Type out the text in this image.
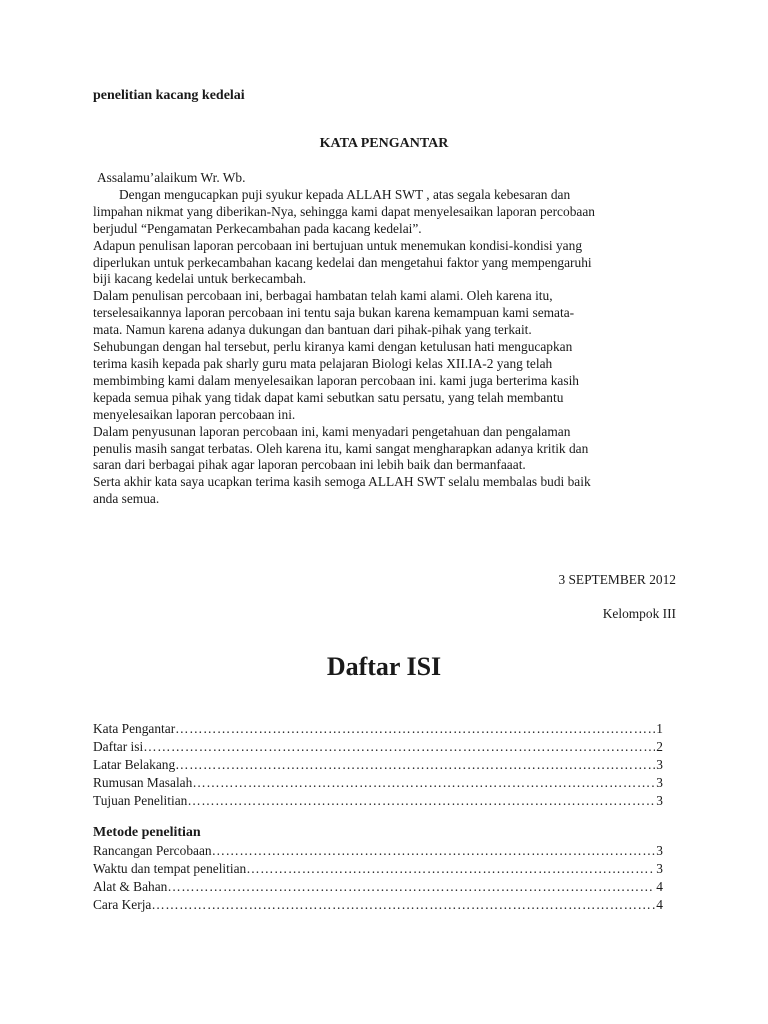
penelitian kacang kedelai
KATA PENGANTAR

Assalamu’alaikum Wr. Wb.

Dengan mengucapkan puji syukur kepada ALLAH SWT , atas segala kebesaran dan

limpahan nikmat yang diberikan-Nya, sehingga kami dapat menyelesaikan laporan percobaan

berjudul “Pengamatan Perkecambahan pada kacang kedelai”.

Adapun penulisan laporan percobaan ini bertujuan untuk menemukan kondisi-kondisi yang

diperlukan untuk perkecambahan kacang kedelai dan mengetahui faktor yang mempengaruhi

biji kacang kedelai untuk berkecambah.

Dalam penulisan percobaan ini, berbagai hambatan telah kami alami. Oleh karena itu,

terselesaikannya laporan percobaan ini tentu saja bukan karena kemampuan kami semata-

mata. Namun karena adanya dukungan dan bantuan dari pihak-pihak yang terkait.

Sehubungan dengan hal tersebut, perlu kiranya kami dengan ketulusan hati mengucapkan

terima kasih kepada pak sharly guru mata pelajaran Biologi kelas XII.IA-2 yang telah

membimbing kami dalam menyelesaikan laporan percobaan ini. kami juga berterima kasih

kepada semua pihak yang tidak dapat kami sebutkan satu persatu, yang telah membantu

menyelesaikan laporan percobaan ini.

Dalam penyusunan laporan percobaan ini, kami menyadari pengetahuan dan pengalaman

penulis masih sangat terbatas. Oleh karena itu, kami sangat mengharapkan adanya kritik dan

saran dari berbagai pihak agar laporan percobaan ini lebih baik dan bermanfaaat.

Serta akhir kata saya ucapkan terima kasih semoga ALLAH SWT selalu membalas budi baik

anda semua.

3 SEPTEMBER 2012
Kelompok III
Daftar ISI
Kata Pengantar ……………………………………………………………………………………………………………………………………………	1
Daftar isi ……………………………………………………………………………………………………………………………………………	2
Latar Belakang ……………………………………………………………………………………………………………………………………………	3
Rumusan Masalah ……………………………………………………………………………………………………………………………………………	3
Tujuan Penelitian ……………………………………………………………………………………………………………………………………………	3
Metode penelitian
Rancangan Percobaan ……………………………………………………………………………………………………………………………………………	3
Waktu dan tempat penelitian ……………………………………………………………………………………………………………………………………………	3
Alat & Bahan ……………………………………………………………………………………………………………………………………………	4
Cara Kerja ……………………………………………………………………………………………………………………………………………	4
